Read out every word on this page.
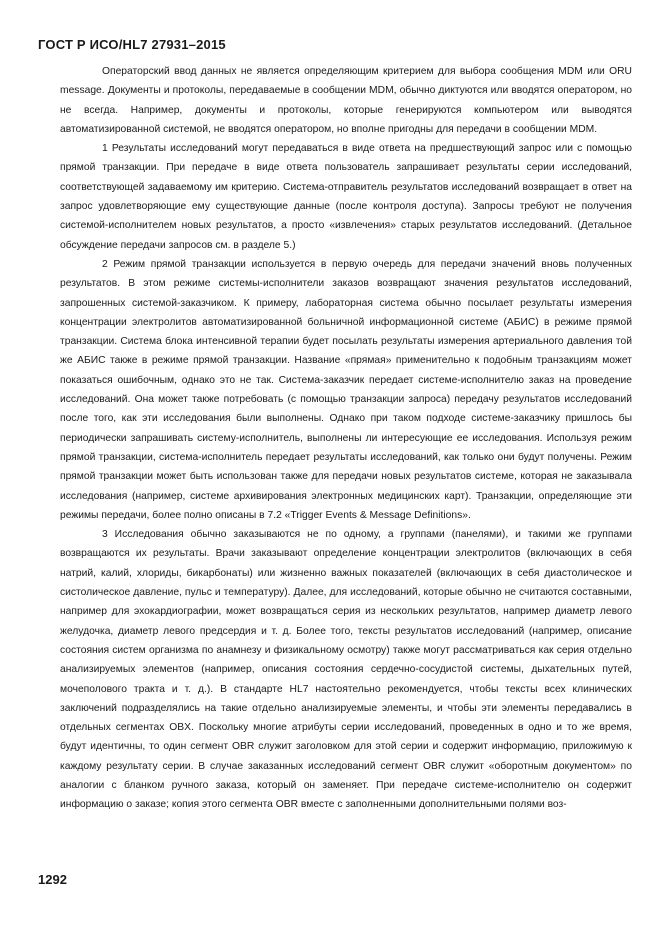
ГОСТ Р ИСО/HL7 27931–2015

Операторский ввод данных не является определяющим критерием для выбора сообщения MDM или ORU message. Документы и протоколы, передаваемые в сообщении MDM, обычно диктуются или вводятся оператором, но не всегда. Например, документы и протоколы, которые генерируются компьютером или выводятся автоматизированной системой, не вводятся оператором, но вполне пригодны для передачи в сообщении MDM.

1 Результаты исследований могут передаваться в виде ответа на предшествующий запрос или с помощью прямой транзакции. При передаче в виде ответа пользователь запрашивает результаты серии исследований, соответствующей задаваемому им критерию. Система-отправитель результатов исследований возвращает в ответ на запрос удовлетворяющие ему существующие данные (после контроля доступа). Запросы требуют не получения системой-исполнителем новых результатов, а просто «извлечения» старых результатов исследований. (Детальное обсуждение передачи запросов см. в разделе 5.)

2 Режим прямой транзакции используется в первую очередь для передачи значений вновь полученных результатов. В этом режиме системы-исполнители заказов возвращают значения результатов исследований, запрошенных системой-заказчиком. К примеру, лабораторная система обычно посылает результаты измерения концентрации электролитов автоматизированной больничной информационной системе (АБИС) в режиме прямой транзакции. Система блока интенсивной терапии будет посылать результаты измерения артериального давления той же АБИС также в режиме прямой транзакции. Название «прямая» применительно к подобным транзакциям может показаться ошибочным, однако это не так. Система-заказчик передает системе-исполнителю заказ на проведение исследований. Она может также потребовать (с помощью транзакции запроса) передачу результатов исследований после того, как эти исследования были выполнены. Однако при таком подходе системе-заказчику пришлось бы периодически запрашивать систему-исполнитель, выполнены ли интересующие ее исследования. Используя режим прямой транзакции, система-исполнитель передает результаты исследований, как только они будут получены. Режим прямой транзакции может быть использован также для передачи новых результатов системе, которая не заказывала исследования (например, системе архивирования электронных медицинских карт). Транзакции, определяющие эти режимы передачи, более полно описаны в 7.2 «Trigger Events & Message Definitions».

3 Исследования обычно заказываются не по одному, а группами (панелями), и такими же группами возвращаются их результаты. Врачи заказывают определение концентрации электролитов (включающих в себя натрий, калий, хлориды, бикарбонаты) или жизненно важных показателей (включающих в себя диастолическое и систолическое давление, пульс и температуру). Далее, для исследований, которые обычно не считаются составными, например для эхокардиографии, может возвращаться серия из нескольких результатов, например диаметр левого желудочка, диаметр левого предсердия и т. д. Более того, тексты результатов исследований (например, описание состояния систем организма по анамнезу и физикальному осмотру) также могут рассматриваться как серия отдельно анализируемых элементов (например, описания состояния сердечно-сосудистой системы, дыхательных путей, мочеполового тракта и т. д.). В стандарте HL7 настоятельно рекомендуется, чтобы тексты всех клинических заключений подразделялись на такие отдельно анализируемые элементы, и чтобы эти элементы передавались в отдельных сегментах OBX. Поскольку многие атрибуты серии исследований, проведенных в одно и то же время, будут идентичны, то один сегмент OBR служит заголовком для этой серии и содержит информацию, приложимую к каждому результату серии. В случае заказанных исследований сегмент OBR служит «оборотным документом» по аналогии с бланком ручного заказа, который он заменяет. При передаче системе-исполнителю он содержит информацию о заказе; копия этого сегмента OBR вместе с заполненными дополнительными полями воз-

1292
